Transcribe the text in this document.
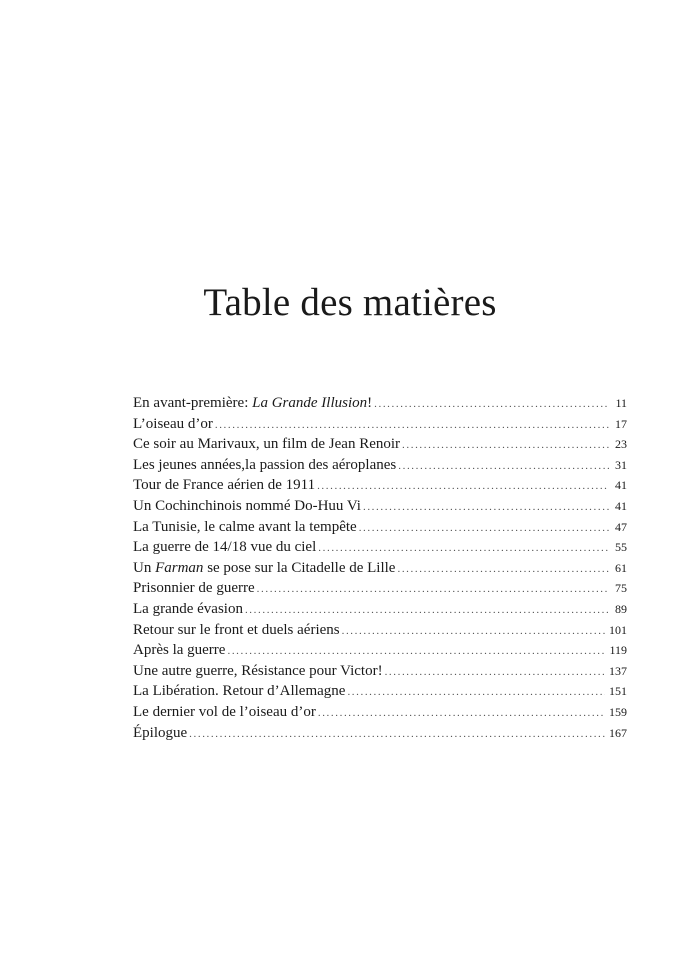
Table des matières
En avant-première: La Grande Illusion! .....	11
L’oiseau d’or .....	17
Ce soir au Marivaux, un film de Jean Renoir .....	23
Les jeunes années,la passion des aéroplanes .....	31
Tour de France aérien de 1911 .....	41
Un Cochinchinois nommé Do-Huu Vi .....	41
La Tunisie, le calme avant la tempête .....	47
La guerre de 14/18 vue du ciel .....	55
Un Farman se pose sur la Citadelle de Lille .....	61
Prisonnier de guerre .....	75
La grande évasion .....	89
Retour sur le front et duels aériens .....	101
Après la guerre .....	119
Une autre guerre, Résistance pour Victor! .....	137
La Libération. Retour d’Allemagne .....	151
Le dernier vol de l’oiseau d’or .....	159
Épilogue .....	167
